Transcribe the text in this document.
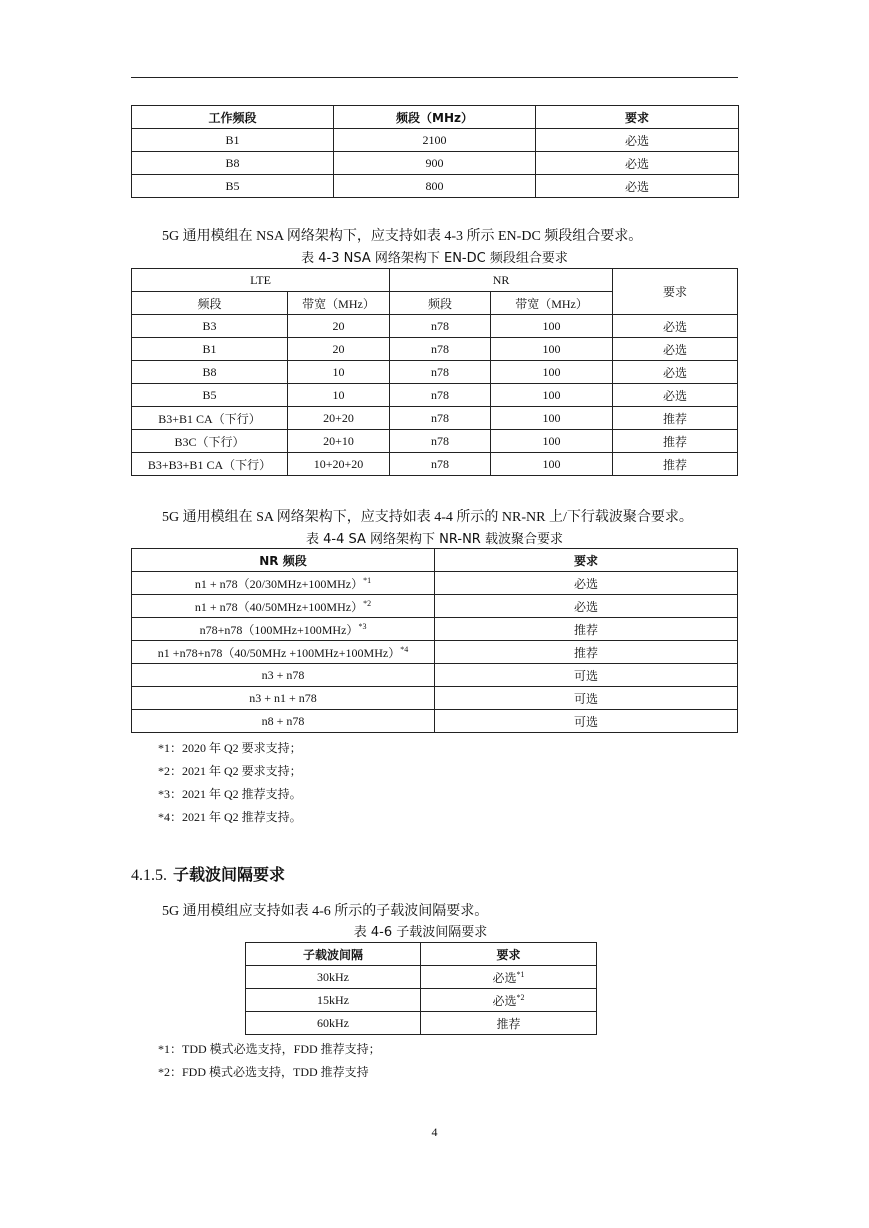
工作频段	频段（MHz）	要求
B1	2100	必选
B8	900	必选
B5	800	必选
5G 通用模组在 NSA 网络架构下，应支持如表 4-3 所示 EN-DC 频段组合要求。
表 4-3 NSA 网络架构下 EN-DC 频段组合要求
LTE		NR		要求
频段	带宽（MHz）	频段	带宽（MHz）	
B3	20	n78	100	必选
B1	20	n78	100	必选
B8	10	n78	100	必选
B5	10	n78	100	必选
B3+B1 CA（下行）	20+20	n78	100	推荐
B3C（下行）	20+10	n78	100	推荐
B3+B3+B1 CA（下行）	10+20+20	n78	100	推荐
5G 通用模组在 SA 网络架构下，应支持如表 4-4 所示的 NR-NR 上/下行载波聚合要求。
表 4-4 SA 网络架构下 NR-NR 载波聚合要求
NR 频段	要求
$n1 + n78(20/30MHz+100MHz)^{*1}$	必选
$n1 + n78(40/50MHz+100MHz)^{*2}$	必选
$n78+n78(100MHz+100MHz)^{*3}$	推荐
$n1 +n78+n78(40/50MHz +100MHz+100MHz)^{*4}$	推荐
n3 + n78	可选
n3 + n1 + n78	可选
n8 + n78	可选
*1：2020 年 Q2 要求支持；
*2：2021 年 Q2 要求支持；
*3：2021 年 Q2 推荐支持。
*4：2021 年 Q2 推荐支持。
4.1.5. 子载波间隔要求
5G 通用模组应支持如表 4-6 所示的子载波间隔要求。
表 4-6 子载波间隔要求
子载波间隔	要求
30kHz	必选$^{*1}$
15kHz	必选$^{*2}$
60kHz	推荐
*1：TDD 模式必选支持，FDD 推荐支持；
*2：FDD 模式必选支持，TDD 推荐支持
4
